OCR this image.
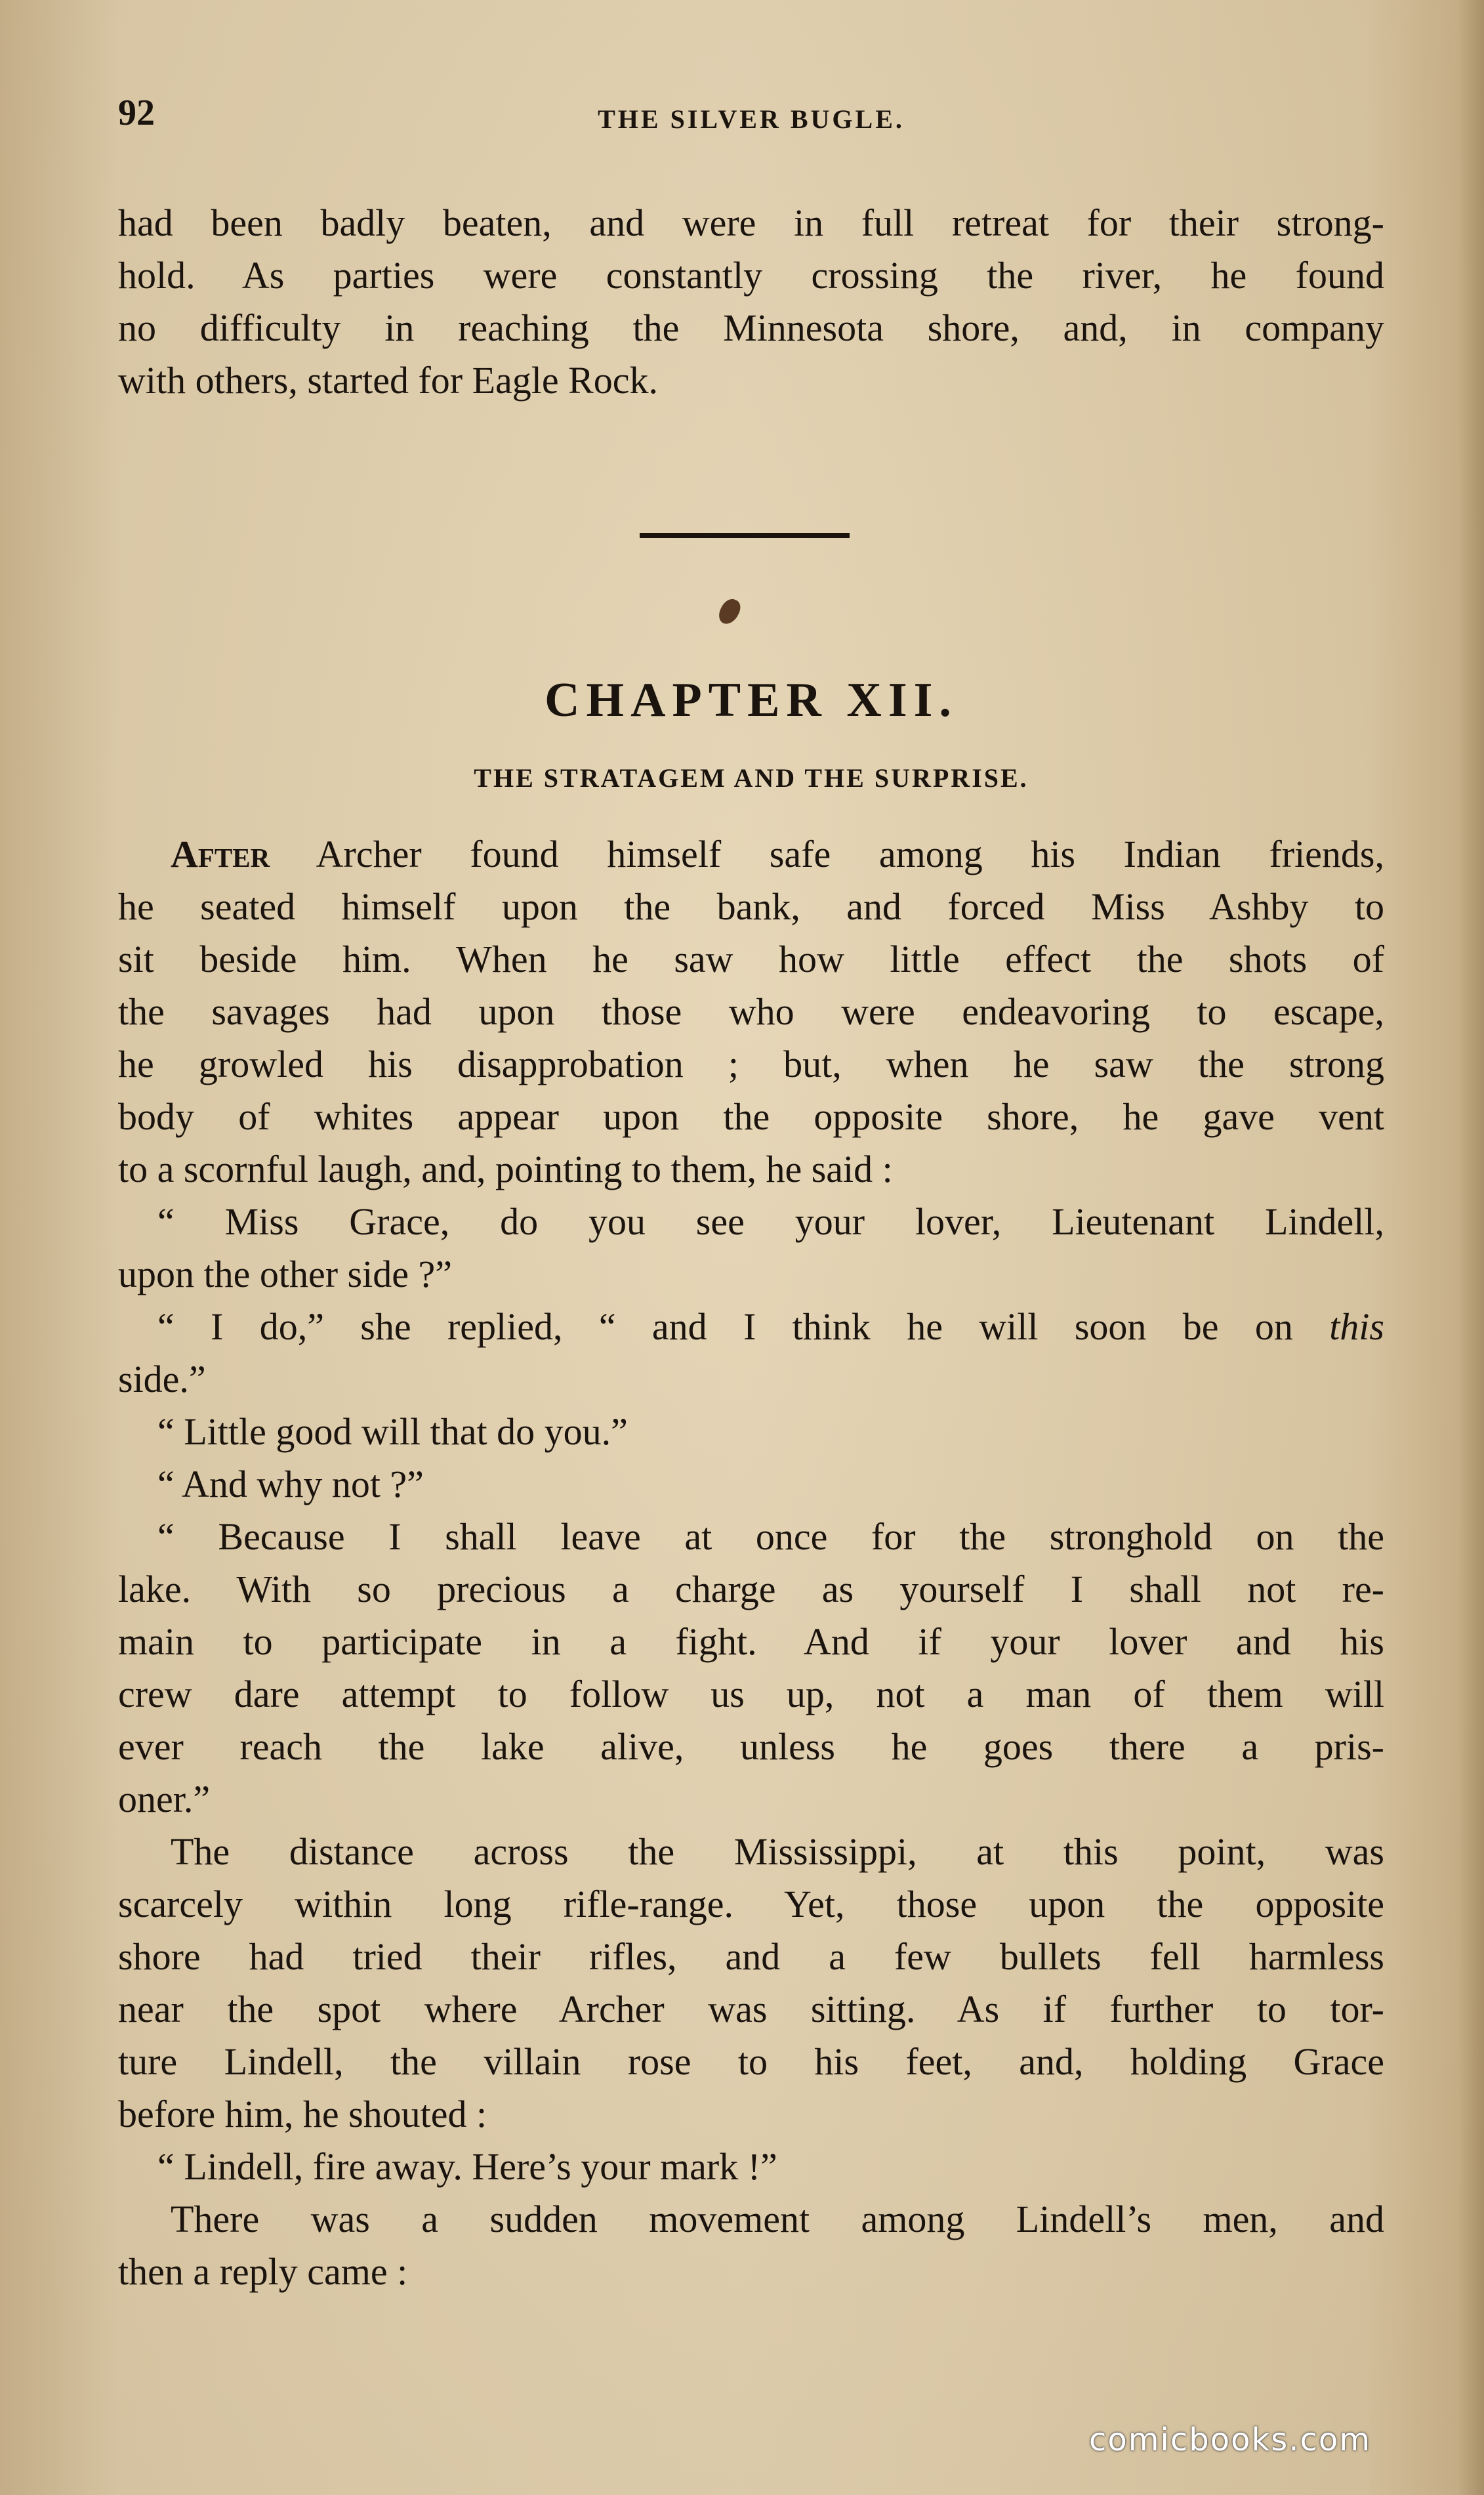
92	THE SILVER BUGLE.
had been badly beaten, and were in full retreat for their strong-
hold. As parties were constantly crossing the river, he found
no difficulty in reaching the Minnesota shore, and, in company
with others, started for Eagle Rock.
CHAPTER XII.
THE STRATAGEM AND THE SURPRISE.
After Archer found himself safe among his Indian friends,
he seated himself upon the bank, and forced Miss Ashby to
sit beside him. When he saw how little effect the shots of
the savages had upon those who were endeavoring to escape,
he growled his disapprobation ; but, when he saw the strong
body of whites appear upon the opposite shore, he gave vent
to a scornful laugh, and, pointing to them, he said :
“ Miss Grace, do you see your lover, Lieutenant Lindell,
upon the other side ?”
“ I do,” she replied, “ and I think he will soon be on this
side.”
“ Little good will that do you.”
“ And why not ?”
“ Because I shall leave at once for the stronghold on the
lake. With so precious a charge as yourself I shall not re-
main to participate in a fight. And if your lover and his
crew dare attempt to follow us up, not a man of them will
ever reach the lake alive, unless he goes there a pris-
oner.”
The distance across the Mississippi, at this point, was
scarcely within long rifle-range. Yet, those upon the opposite
shore had tried their rifles, and a few bullets fell harmless
near the spot where Archer was sitting. As if further to tor-
ture Lindell, the villain rose to his feet, and, holding Grace
before him, he shouted :
“ Lindell, fire away. Here’s your mark !”
There was a sudden movement among Lindell’s men, and
then a reply came :
comicbooks.com
